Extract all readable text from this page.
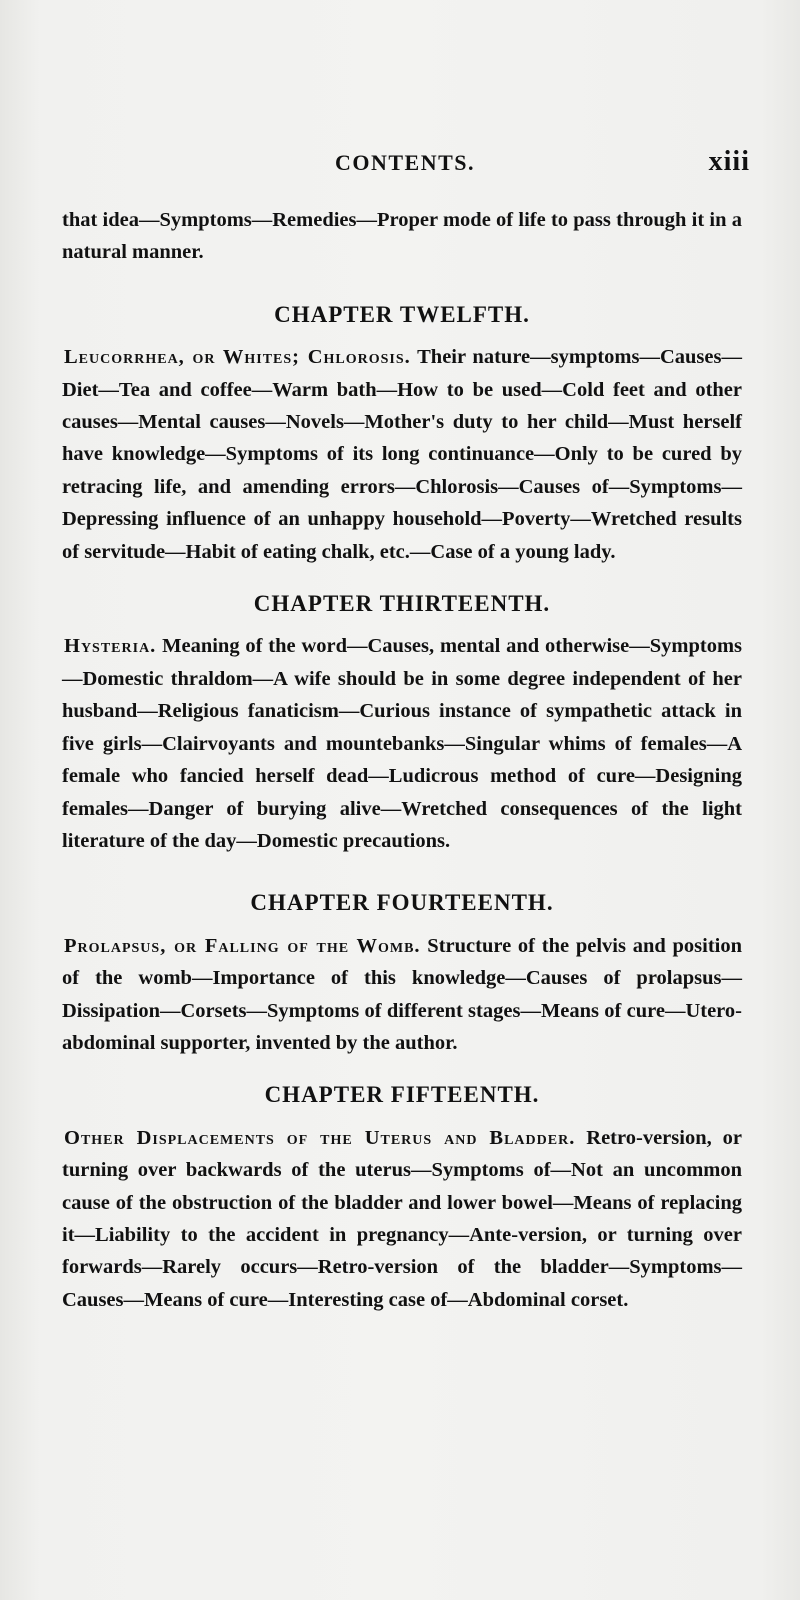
CONTENTS.	xiii

that idea—Symptoms—Remedies—Proper mode of life to pass through it in a natural manner.

CHAPTER TWELFTH.

Leucorrhea, or Whites; Chlorosis. Their nature—symptoms—Causes—Diet—Tea and coffee—Warm bath—How to be used—Cold feet and other causes—Mental causes—Novels—Mother's duty to her child—Must herself have knowledge—Symptoms of its long continuance—Only to be cured by retracing life, and amending errors—Chlorosis—Causes of—Symptoms—Depressing influence of an unhappy household—Poverty—Wretched results of servitude—Habit of eating chalk, etc.—Case of a young lady.

CHAPTER THIRTEENTH.

Hysteria. Meaning of the word—Causes, mental and otherwise—Symptoms—Domestic thraldom—A wife should be in some degree independent of her husband—Religious fanaticism—Curious instance of sympathetic attack in five girls—Clairvoyants and mountebanks—Singular whims of females—A female who fancied herself dead—Ludicrous method of cure—Designing females—Danger of burying alive—Wretched consequences of the light literature of the day—Domestic precautions.

CHAPTER FOURTEENTH.

Prolapsus, or Falling of the Womb. Structure of the pelvis and position of the womb—Importance of this knowledge—Causes of prolapsus—Dissipation—Corsets—Symptoms of different stages—Means of cure—Utero-abdominal supporter, invented by the author.

CHAPTER FIFTEENTH.

Other Displacements of the Uterus and Bladder. Retro-version, or turning over backwards of the uterus—Symptoms of—Not an uncommon cause of the obstruction of the bladder and lower bowel—Means of replacing it—Liability to the accident in pregnancy—Ante-version, or turning over forwards—Rarely occurs—Retro-version of the bladder—Symptoms—Causes—Means of cure—Interesting case of—Abdominal corset.
